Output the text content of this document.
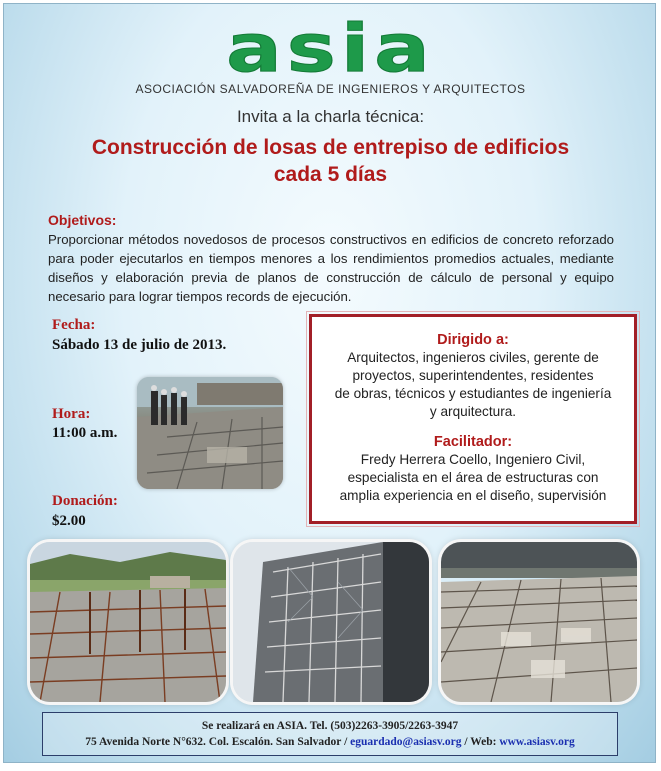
asia
ASOCIACIÓN SALVADOREÑA DE INGENIEROS Y ARQUITECTOS
Invita a la charla técnica:
Construcción de losas de entrepiso de edificios
cada 5 días
Objetivos:
Proporcionar métodos novedosos de procesos constructivos en edificios de concreto reforzado para poder ejecutarlos en tiempos menores a los rendimientos promedios actuales, mediante diseños y elaboración previa de planos de construcción de cálculo de personal y equipo necesario para lograr tiempos records de ejecución.
Fecha:
Sábado 13 de julio de 2013.
Hora:
11:00 a.m.
Donación:
$2.00
Dirigido a:
Arquitectos, ingenieros civiles, gerente de
proyectos, superintendentes, residentes
de obras, técnicos y estudiantes de ingeniería
y arquitectura.
Facilitador:
Fredy Herrera Coello, Ingeniero Civil,
especialista en el área de estructuras con
amplia experiencia en el diseño, supervisión
Se realizará en ASIA. Tel. (503)2263-3905/2263-3947
75 Avenida Norte N°632. Col. Escalón. San Salvador / eguardado@asiasv.org / Web: www.asiasv.org
